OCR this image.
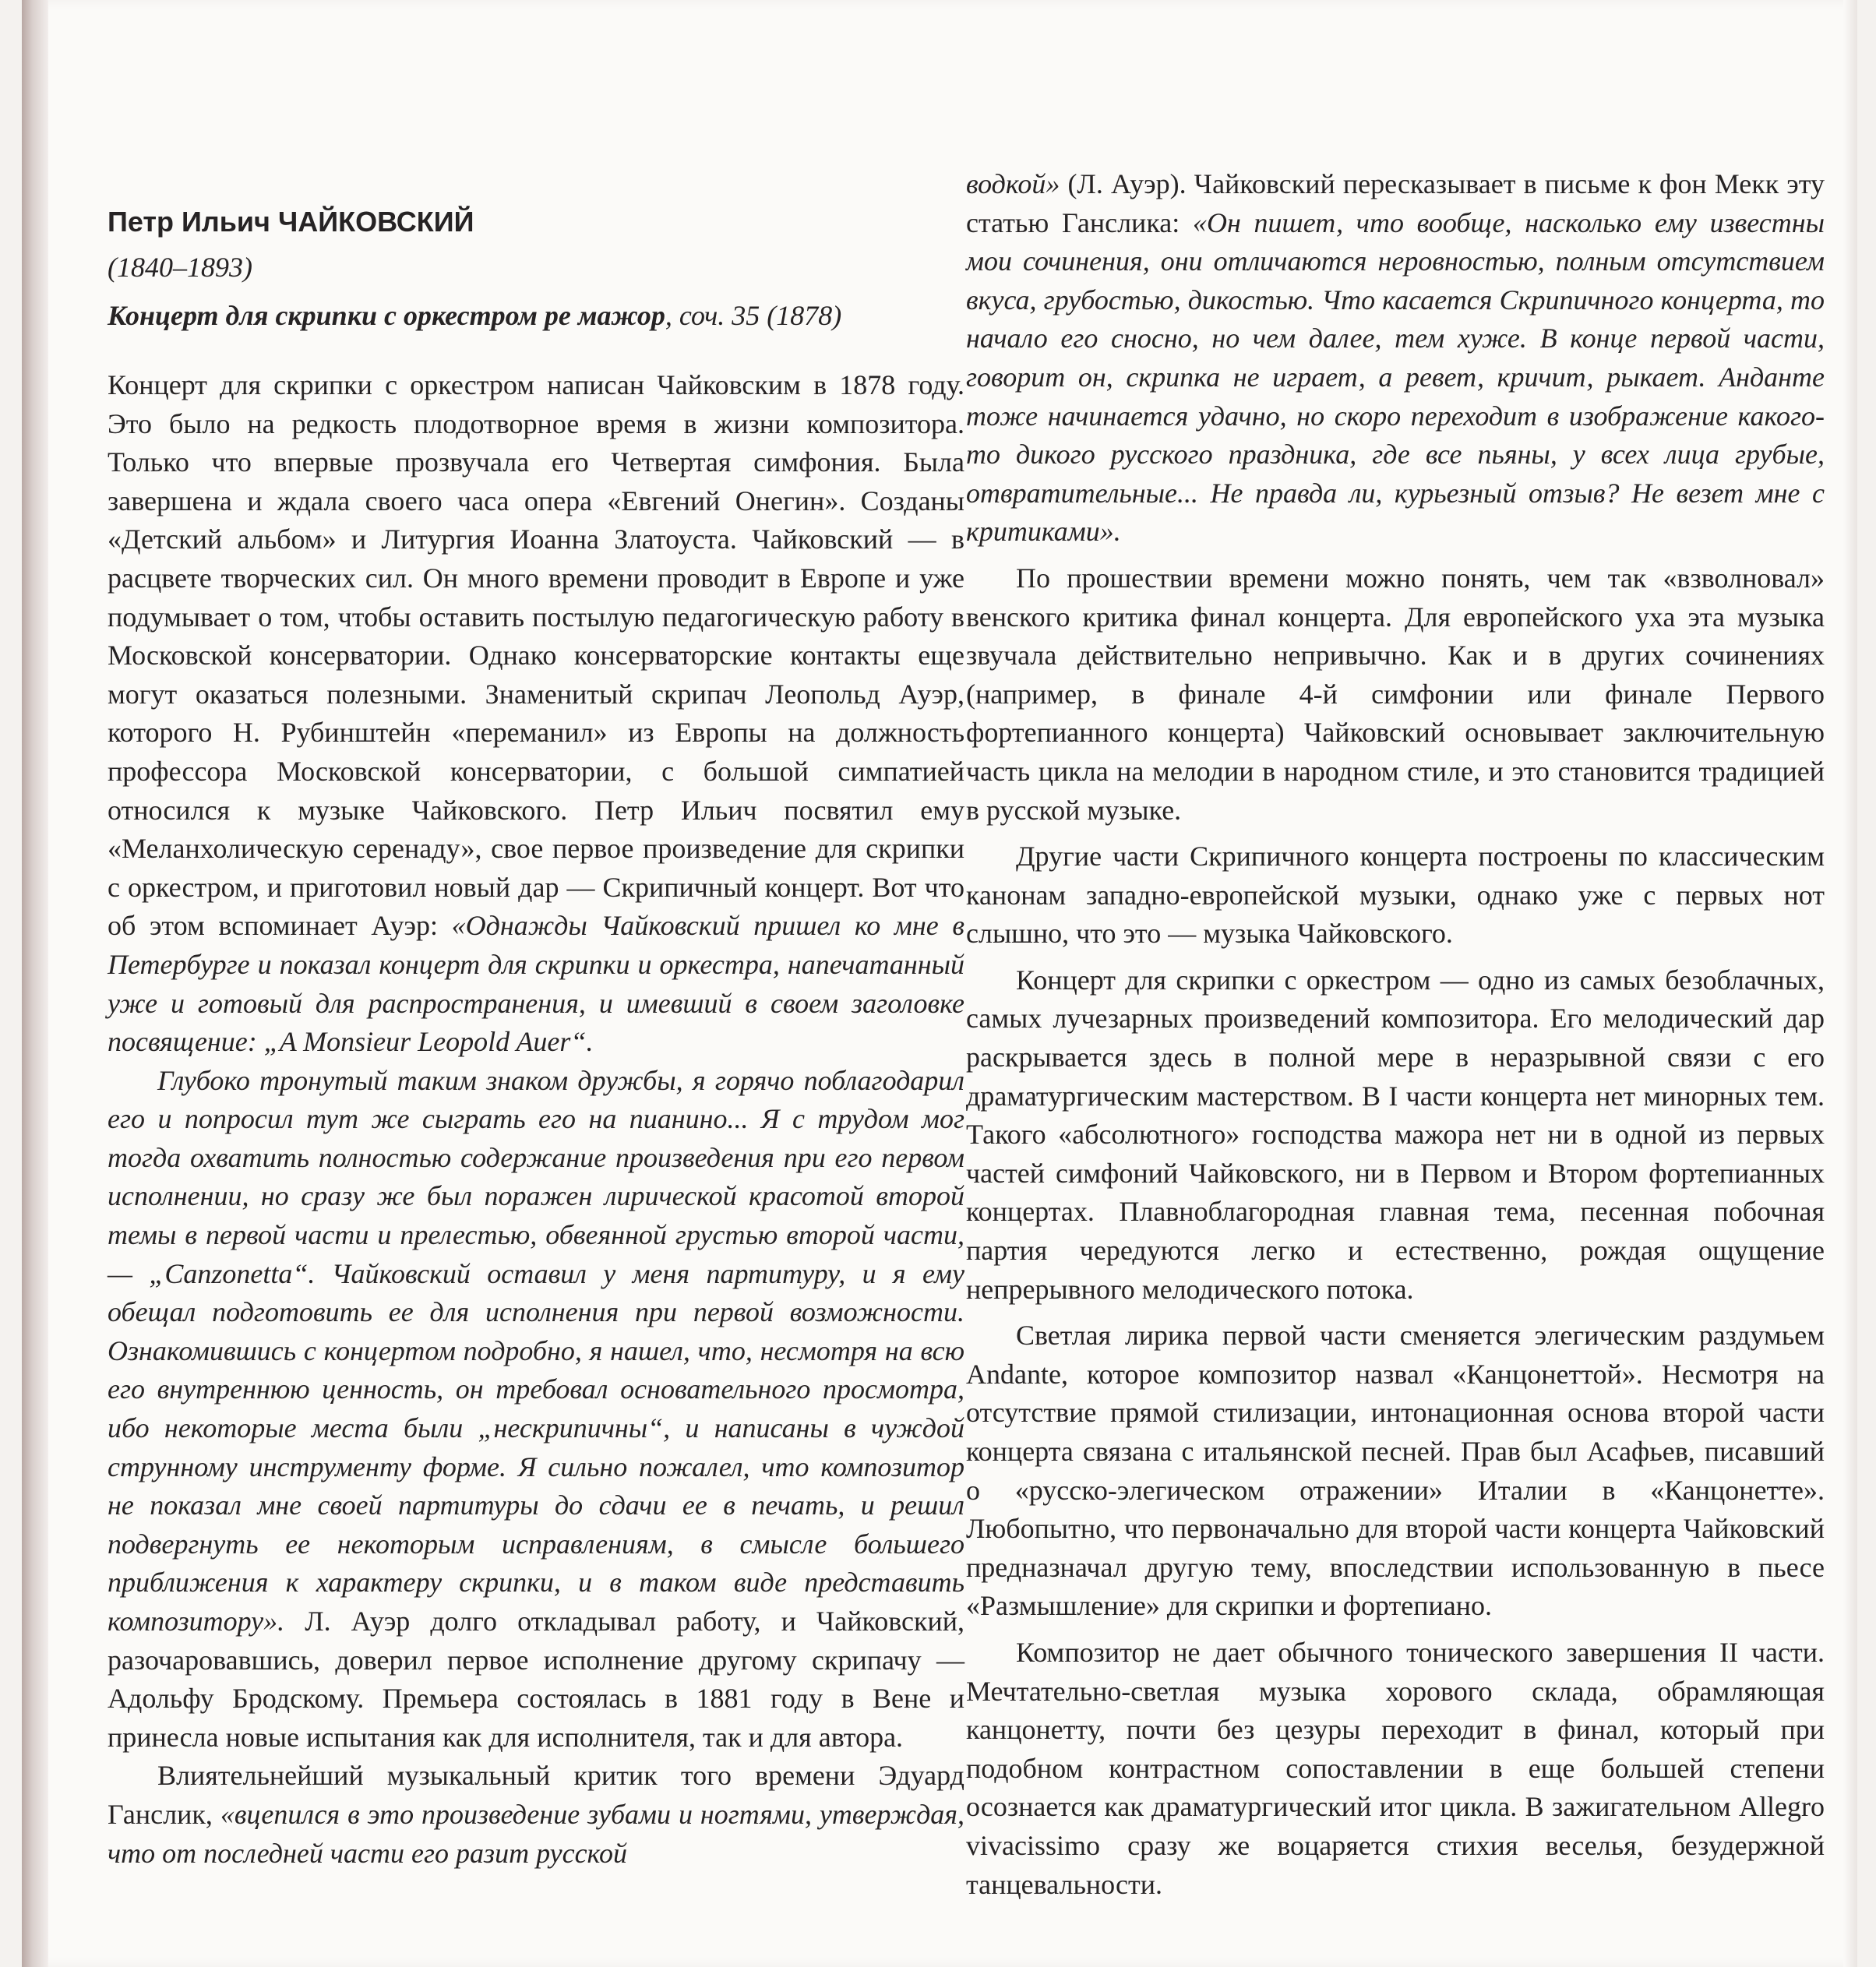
Петр Ильич ЧАЙКОВСКИЙ
(1840–1893)
Концерт для скрипки с оркестром ре мажор, соч. 35 (1878)

Концерт для скрипки с оркестром написан Чайковским в 1878 году. Это было на редкость плодотворное время в жизни композитора. Только что впервые прозвучала его Четвертая симфония. Была завершена и ждала своего часа опера «Евгений Онегин». Созданы «Детский альбом» и Литургия Иоанна Златоуста. Чайковский — в расцвете творческих сил. Он много времени проводит в Европе и уже подумывает о том, чтобы оставить постылую педагогическую работу в Московской консерватории. Однако консерваторские контакты еще могут оказаться полезными. Знаменитый скрипач Леопольд Ауэр, которого Н. Рубинштейн «переманил» из Европы на должность профессора Московской консерватории, с большой симпатией относился к музыке Чайковского. Петр Ильич посвятил ему «Меланхолическую серенаду», свое первое произведение для скрипки с оркестром, и приготовил новый дар — Скрипичный концерт. Вот что об этом вспоминает Ауэр: «Однажды Чайковский пришел ко мне в Петербурге и показал концерт для скрипки и оркестра, напечатанный уже и готовый для распространения, и имевший в своем заголовке посвящение: „A Monsieur Leopold Auer“.

Глубоко тронутый таким знаком дружбы, я горячо поблагодарил его и попросил тут же сыграть его на пианино... Я с трудом мог тогда охватить полностью содержание произведения при его первом исполнении, но сразу же был поражен лирической красотой второй темы в первой части и прелестью, обвеянной грустью второй части, — „Canzonetta“. Чайковский оставил у меня партитуру, и я ему обещал подготовить ее для исполнения при первой возможности. Ознакомившись с концертом подробно, я нашел, что, несмотря на всю его внутреннюю ценность, он требовал основательного просмотра, ибо некоторые места были „нескрипичны“, и написаны в чуждой струнному инструменту форме. Я сильно пожалел, что композитор не показал мне своей партитуры до сдачи ее в печать, и решил подвергнуть ее некоторым исправлениям, в смысле большего приближения к характеру скрипки, и в таком виде представить композитору». Л. Ауэр долго откладывал работу, и Чайковский, разочаровавшись, доверил первое исполнение другому скрипачу — Адольфу Бродскому. Премьера состоялась в 1881 году в Вене и принесла новые испытания как для исполнителя, так и для автора.

Влиятельнейший музыкальный критик того времени Эдуард Ганслик, «вцепился в это произведение зубами и ногтями, утверждая, что от последней части его разит русской

водкой» (Л. Ауэр). Чайковский пересказывает в письме к фон Мекк эту статью Ганслика: «Он пишет, что вообще, насколько ему известны мои сочинения, они отличаются неровностью, полным отсутствием вкуса, грубостью, дикостью. Что касается Скрипичного концерта, то начало его сносно, но чем далее, тем хуже. В конце первой части, говорит он, скрипка не играет, а ревет, кричит, рыкает. Анданте тоже начинается удачно, но скоро переходит в изображение какого-то дикого русского праздника, где все пьяны, у всех лица грубые, отвратительные... Не правда ли, курьезный отзыв? Не везет мне с критиками».

По прошествии времени можно понять, чем так «взволновал» венского критика финал концерта. Для европейского уха эта музыка звучала действительно непривычно. Как и в других сочинениях (например, в финале 4-й симфонии или финале Первого фортепианного концерта) Чайковский основывает заключительную часть цикла на мелодии в народном стиле, и это становится традицией в русской музыке.

Другие части Скрипичного концерта построены по классическим канонам западно-европейской музыки, однако уже с первых нот слышно, что это — музыка Чайковского.

Концерт для скрипки с оркестром — одно из самых безоблачных, самых лучезарных произведений композитора. Его мелодический дар раскрывается здесь в полной мере в неразрывной связи с его драматургическим мастерством. В I части концерта нет минорных тем. Такого «абсолютного» господства мажора нет ни в одной из первых частей симфоний Чайковского, ни в Первом и Втором фортепианных концертах. Плавноблагородная главная тема, песенная побочная партия чередуются легко и естественно, рождая ощущение непрерывного мелодического потока.

Светлая лирика первой части сменяется элегическим раздумьем Andante, которое композитор назвал «Канцонеттой». Несмотря на отсутствие прямой стилизации, интонационная основа второй части концерта связана с итальянской песней. Прав был Асафьев, писавший о «русско-элегическом отражении» Италии в «Канцонетте». Любопытно, что первоначально для второй части концерта Чайковский предназначал другую тему, впоследствии использованную в пьесе «Размышление» для скрипки и фортепиано.

Композитор не дает обычного тонического завершения II части. Мечтательно-светлая музыка хорового склада, обрамляющая канцонетту, почти без цезуры переходит в финал, который при подобном контрастном сопоставлении в еще большей степени осознается как драматургический итог цикла. В зажигательном Allegro vivacissimo сразу же воцаряется стихия веселья, безудержной танцевальности.
